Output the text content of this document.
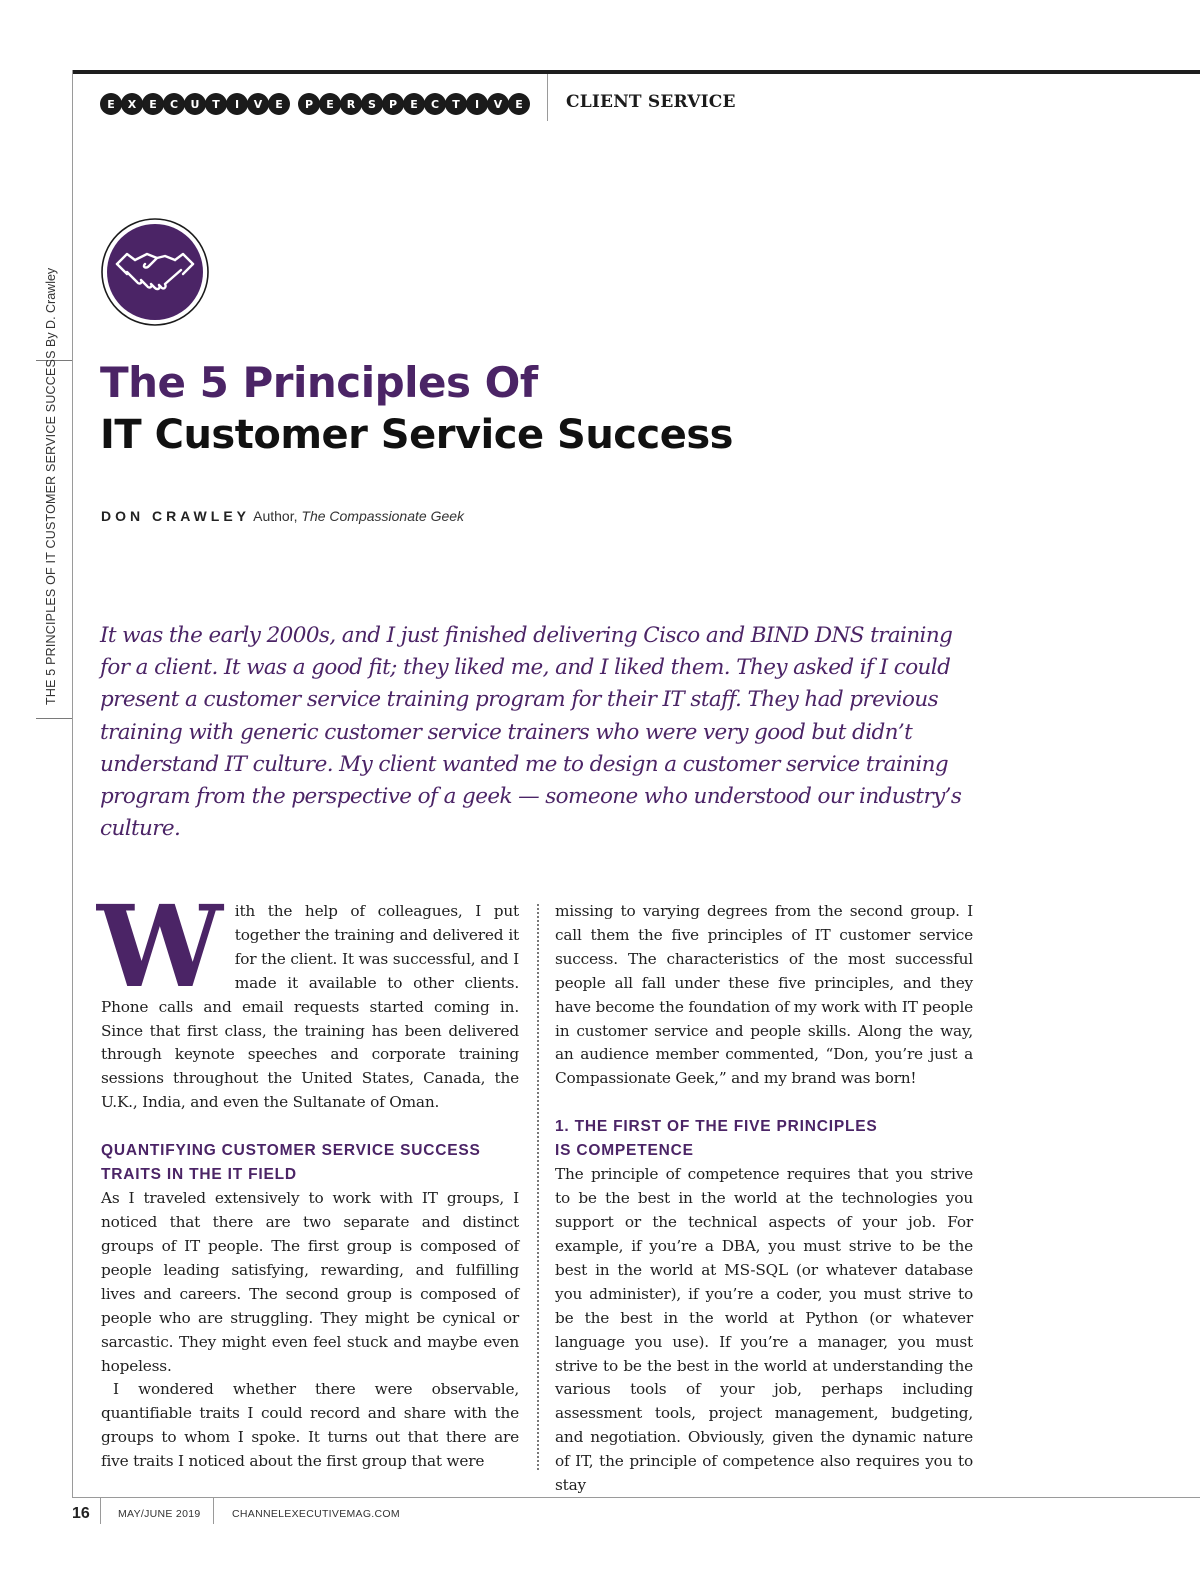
E	X	E	C	U	T	I	V	E	P	E	R	S	P	E	C	T	I	V	E	CLIENT SERVICE
By D. Crawley
THE 5 PRINCIPLES OF IT CUSTOMER SERVICE SUCCESS The 5 Principles Of
IT Customer Service Success
DON CRAWLEY Author, The Compassionate Geek
It was the early 2000s, and I just finished delivering Cisco and BIND DNS training for a client. It was a good fit; they liked me, and I liked them. They asked if I could present a customer service training program for their IT staff. They had previous training with generic customer service trainers who were very good but didn’t understand IT culture. My client wanted me to design a customer service training program from the perspective of a geek — someone who understood our industry’s culture.
W	ith the help of colleagues, I put together the training and delivered it for the client. It was successful, and I made it available to other clients. Phone calls and email requests started coming in. Since that first class, the training has been delivered through keynote speeches and corporate training sessions throughout the United States, Canada, the U.K., India, and even the Sultanate of Oman.

QUANTIFYING CUSTOMER SERVICE SUCCESS TRAITS IN THE IT FIELD

As I traveled extensively to work with IT groups, I noticed that there are two separate and distinct groups of IT people. The first group is composed of people leading satisfying, rewarding, and fulfilling lives and careers. The second group is composed of people who are struggling. They might be cynical or sarcastic. They might even feel stuck and maybe even hopeless.

I wondered whether there were observable, quantifiable traits I could record and share with the groups to whom I spoke. It turns out that there are five traits I noticed about the first group that were

missing to varying degrees from the second group. I call them the five principles of IT customer service success. The characteristics of the most successful people all fall under these five principles, and they have become the foundation of my work with IT people in customer service and people skills. Along the way, an audience member commented, “Don, you’re just a Compassionate Geek,” and my brand was born!

1. THE FIRST OF THE FIVE PRINCIPLES
IS COMPETENCE

The principle of competence requires that you strive to be the best in the world at the technologies you support or the technical aspects of your job. For example, if you’re a DBA, you must strive to be the best in the world at MS-SQL (or whatever database you administer), if you’re a coder, you must strive to be the best in the world at Python (or whatever language you use). If you’re a manager, you must strive to be the best in the world at understanding the various tools of your job, perhaps including assessment tools, project management, budgeting, and negotiation. Obviously, given the dynamic nature of IT, the principle of competence also requires you to stay

16	MAY/JUNE 2019	CHANNELEXECUTIVEMAG.COM
